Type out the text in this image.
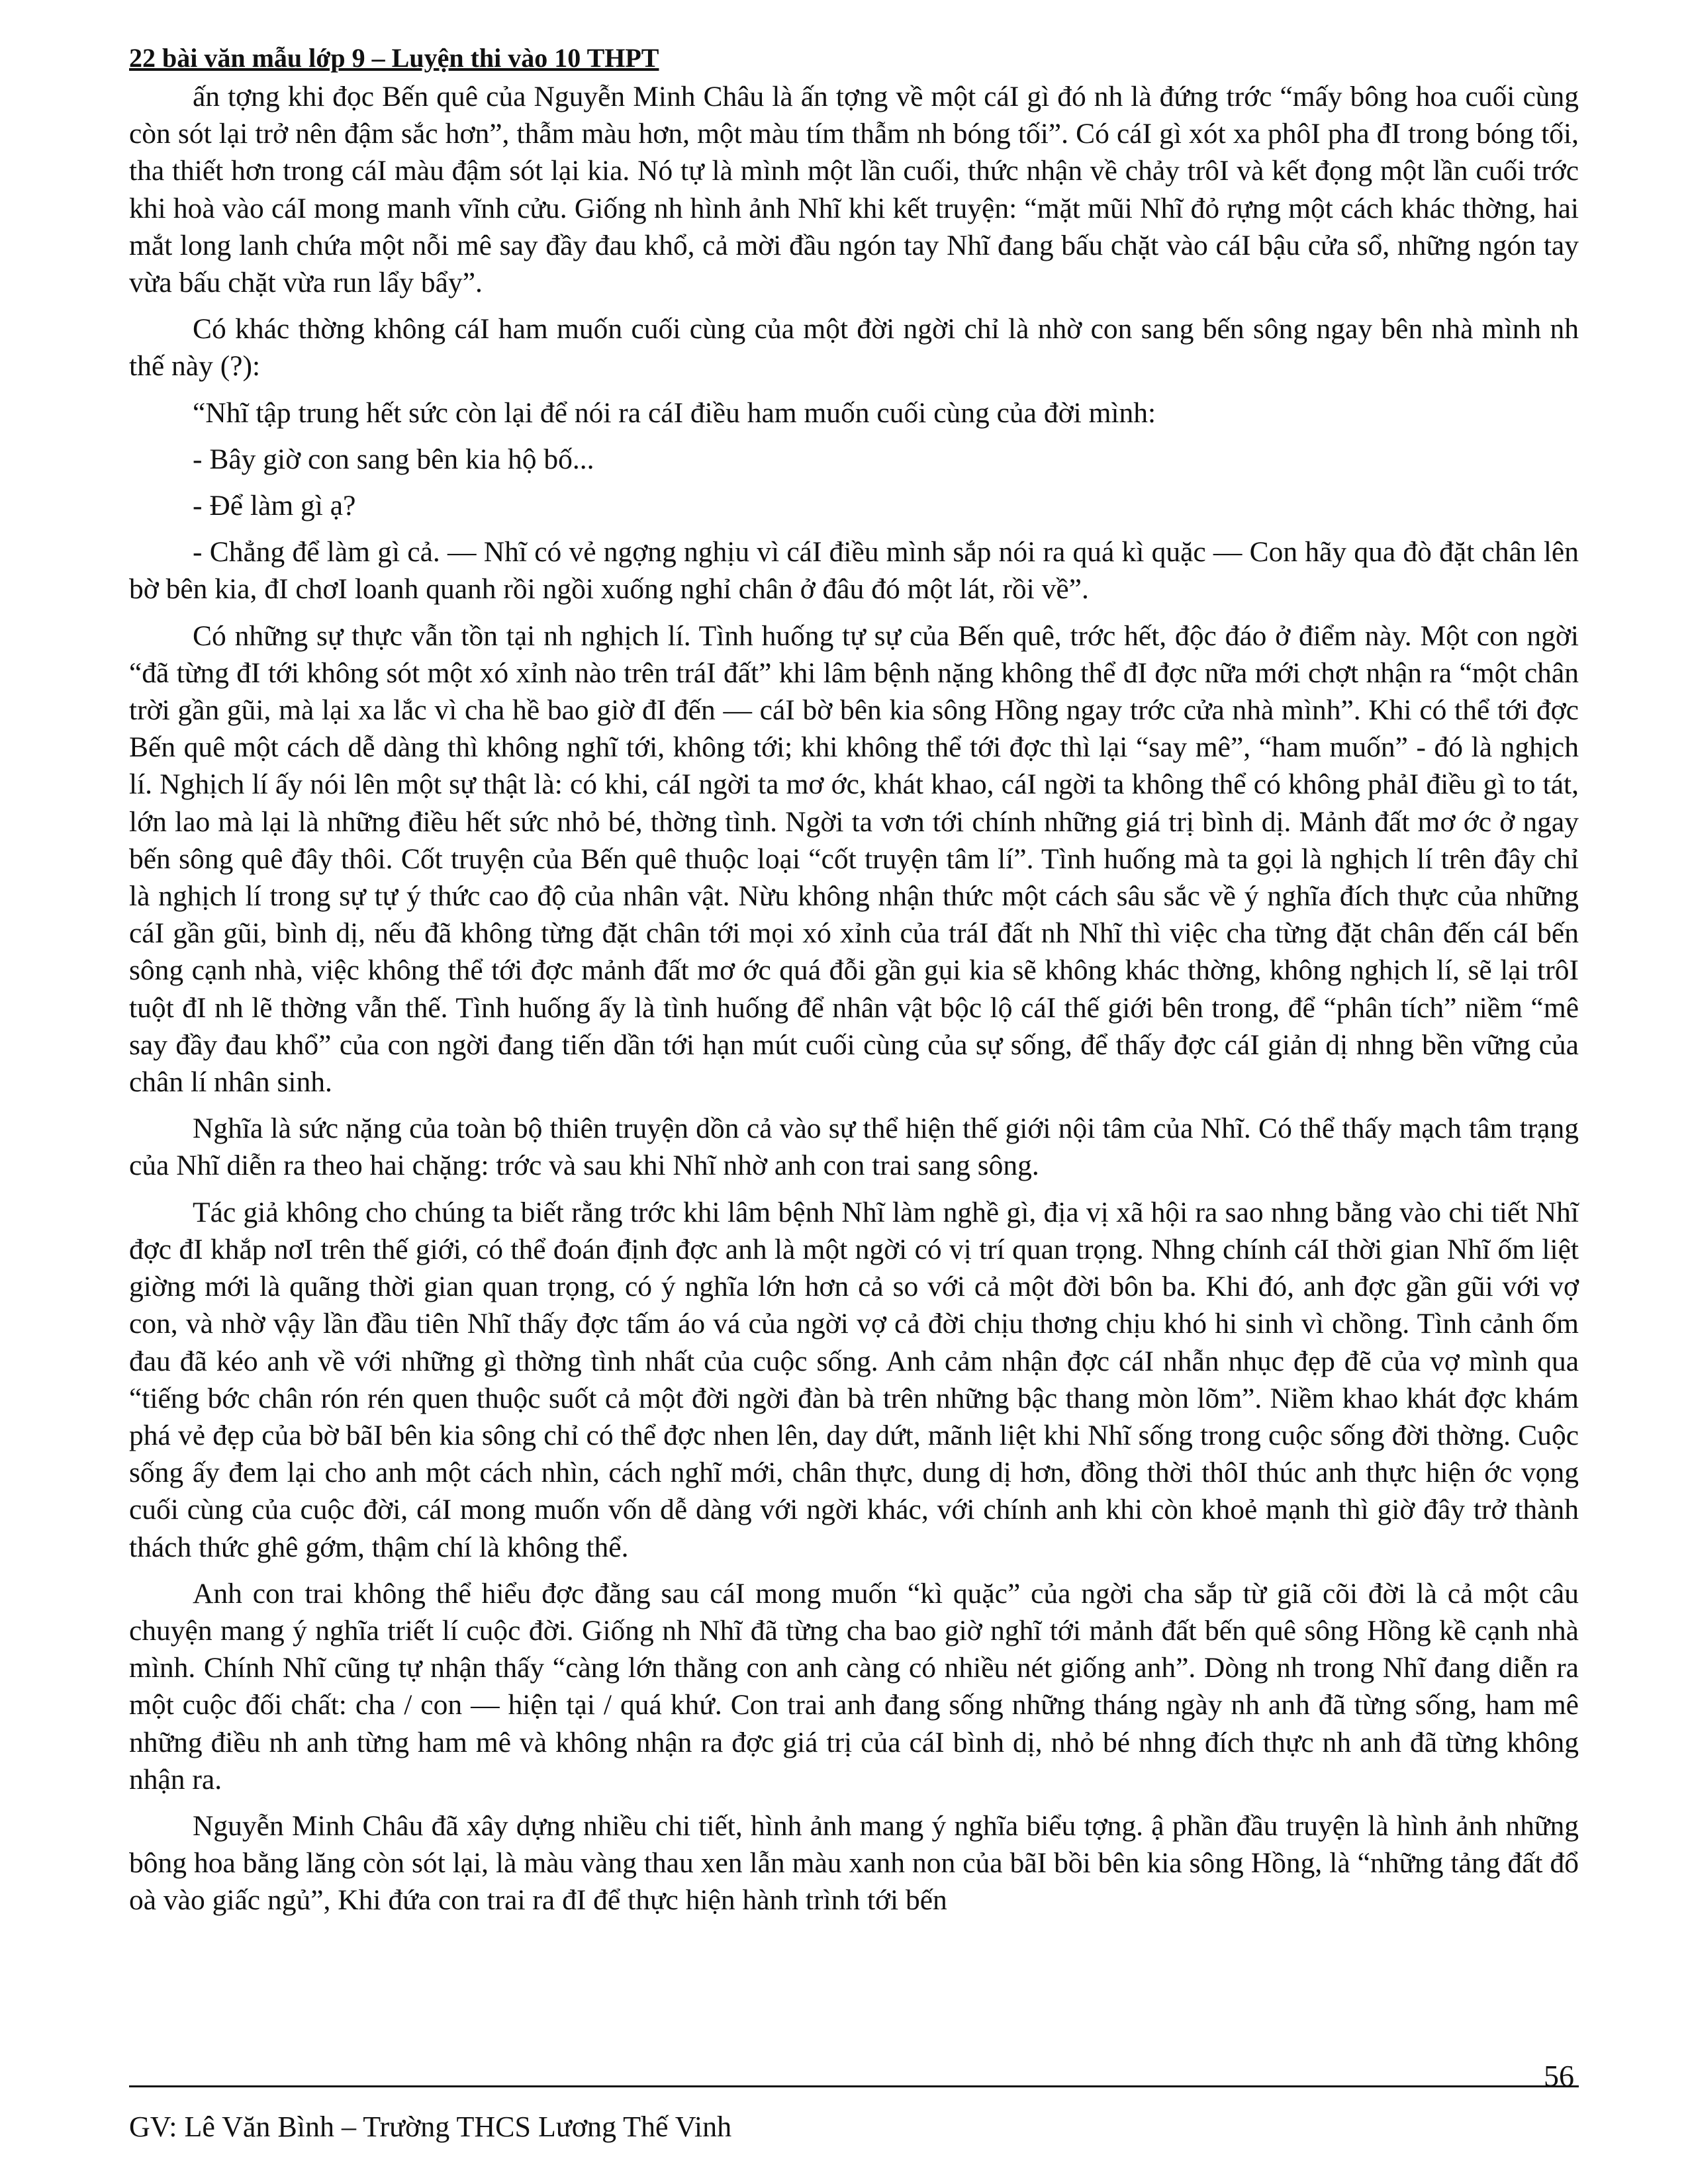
22 bài văn mẫu lớp 9 – Luyện thi vào 10 THPT

ấn tợng khi đọc Bến quê của Nguyễn Minh Châu là ấn tợng về một cáI gì đó nh là đứng trớc “mấy bông hoa cuối cùng còn sót lại trở nên đậm sắc hơn”, thẫm màu hơn, một màu tím thẫm nh bóng tối”. Có cáI gì xót xa phôI pha đI trong bóng tối, tha thiết hơn trong cáI màu đậm sót lại kia. Nó tự là mình một lần cuối, thức nhận về chảy trôI và kết đọng một lần cuối trớc khi hoà vào cáI mong manh vĩnh cửu. Giống nh hình ảnh Nhĩ khi kết truyện: “mặt mũi Nhĩ đỏ rựng một cách khác thờng, hai mắt long lanh chứa một nỗi mê say đầy đau khổ, cả mời đầu ngón tay Nhĩ đang bấu chặt vào cáI bậu cửa sổ, những ngón tay vừa bấu chặt vừa run lẩy bẩy”.

Có khác thờng không cáI ham muốn cuối cùng của một đời ngời chỉ là nhờ con sang bến sông ngay bên nhà mình nh thế này (?):

“Nhĩ tập trung hết sức còn lại để nói ra cáI điều ham muốn cuối cùng của đời mình:

- Bây giờ con sang bên kia hộ bố...

- Để làm gì ạ?

- Chẳng để làm gì cả. — Nhĩ có vẻ ngợng nghịu vì cáI điều mình sắp nói ra quá kì quặc — Con hãy qua đò đặt chân lên bờ bên kia, đI chơI loanh quanh rồi ngồi xuống nghỉ chân ở đâu đó một lát, rồi về”.

Có những sự thực vẫn tồn tại nh nghịch lí. Tình huống tự sự của Bến quê, trớc hết, độc đáo ở điểm này. Một con ngời “đã từng đI tới không sót một xó xỉnh nào trên tráI đất” khi lâm bệnh nặng không thể đI đợc nữa mới chợt nhận ra “một chân trời gần gũi, mà lại xa lắc vì cha hề bao giờ đI đến — cáI bờ bên kia sông Hồng ngay trớc cửa nhà mình”. Khi có thể tới đợc Bến quê một cách dễ dàng thì không nghĩ tới, không tới; khi không thể tới đợc thì lại “say mê”, “ham muốn” - đó là nghịch lí. Nghịch lí ấy nói lên một sự thật là: có khi, cáI ngời ta mơ ớc, khát khao, cáI ngời ta không thể có không phảI điều gì to tát, lớn lao mà lại là những điều hết sức nhỏ bé, thờng tình. Ngời ta vơn tới chính những giá trị bình dị. Mảnh đất mơ ớc ở ngay bến sông quê đây thôi. Cốt truyện của Bến quê thuộc loại “cốt truyện tâm lí”. Tình huống mà ta gọi là nghịch lí trên đây chỉ là nghịch lí trong sự tự ý thức cao độ của nhân vật. Nừu không nhận thức một cách sâu sắc về ý nghĩa đích thực của những cáI gần gũi, bình dị, nếu đã không từng đặt chân tới mọi xó xỉnh của tráI đất nh Nhĩ thì việc cha từng đặt chân đến cáI bến sông cạnh nhà, việc không thể tới đợc mảnh đất mơ ớc quá đỗi gần gụi kia sẽ không khác thờng, không nghịch lí, sẽ lại trôI tuột đI nh lẽ thờng vẫn thế. Tình huống ấy là tình huống để nhân vật bộc lộ cáI thế giới bên trong, để “phân tích” niềm “mê say đầy đau khổ” của con ngời đang tiến dần tới hạn mút cuối cùng của sự sống, để thấy đợc cáI giản dị nhng bền vững của chân lí nhân sinh.

Nghĩa là sức nặng của toàn bộ thiên truyện dồn cả vào sự thể hiện thế giới nội tâm của Nhĩ. Có thể thấy mạch tâm trạng của Nhĩ diễn ra theo hai chặng: trớc và sau khi Nhĩ nhờ anh con trai sang sông.

Tác giả không cho chúng ta biết rằng trớc khi lâm bệnh Nhĩ làm nghề gì, địa vị xã hội ra sao nhng bằng vào chi tiết Nhĩ đợc đI khắp nơI trên thế giới, có thể đoán định đợc anh là một ngời có vị trí quan trọng. Nhng chính cáI thời gian Nhĩ ốm liệt giờng mới là quãng thời gian quan trọng, có ý nghĩa lớn hơn cả so với cả một đời bôn ba. Khi đó, anh đợc gần gũi với vợ con, và nhờ vậy lần đầu tiên Nhĩ thấy đợc tấm áo vá của ngời vợ cả đời chịu thơng chịu khó hi sinh vì chồng. Tình cảnh ốm đau đã kéo anh về với những gì thờng tình nhất của cuộc sống. Anh cảm nhận đợc cáI nhẫn nhục đẹp đẽ của vợ mình qua “tiếng bớc chân rón rén quen thuộc suốt cả một đời ngời đàn bà trên những bậc thang mòn lõm”. Niềm khao khát đợc khám phá vẻ đẹp của bờ bãI bên kia sông chỉ có thể đợc nhen lên, day dứt, mãnh liệt khi Nhĩ sống trong cuộc sống đời thờng. Cuộc sống ấy đem lại cho anh một cách nhìn, cách nghĩ mới, chân thực, dung dị hơn, đồng thời thôI thúc anh thực hiện ớc vọng cuối cùng của cuộc đời, cáI mong muốn vốn dễ dàng với ngời khác, với chính anh khi còn khoẻ mạnh thì giờ đây trở thành thách thức ghê gớm, thậm chí là không thể.

Anh con trai không thể hiểu đợc đằng sau cáI mong muốn “kì quặc” của ngời cha sắp từ giã cõi đời là cả một câu chuyện mang ý nghĩa triết lí cuộc đời. Giống nh Nhĩ đã từng cha bao giờ nghĩ tới mảnh đất bến quê sông Hồng kề cạnh nhà mình. Chính Nhĩ cũng tự nhận thấy “càng lớn thằng con anh càng có nhiều nét giống anh”. Dòng nh trong Nhĩ đang diễn ra một cuộc đối chất: cha / con — hiện tại / quá khứ. Con trai anh đang sống những tháng ngày nh anh đã từng sống, ham mê những điều nh anh từng ham mê và không nhận ra đợc giá trị của cáI bình dị, nhỏ bé nhng đích thực nh anh đã từng không nhận ra.

Nguyễn Minh Châu đã xây dựng nhiều chi tiết, hình ảnh mang ý nghĩa biểu tợng. ậ phần đầu truyện là hình ảnh những bông hoa bằng lăng còn sót lại, là màu vàng thau xen lẫn màu xanh non của bãI bồi bên kia sông Hồng, là “những tảng đất đổ oà vào giấc ngủ”, Khi đứa con trai ra đI để thực hiện hành trình tới bến

56
GV: Lê Văn Bình – Trường THCS Lương Thế Vinh
